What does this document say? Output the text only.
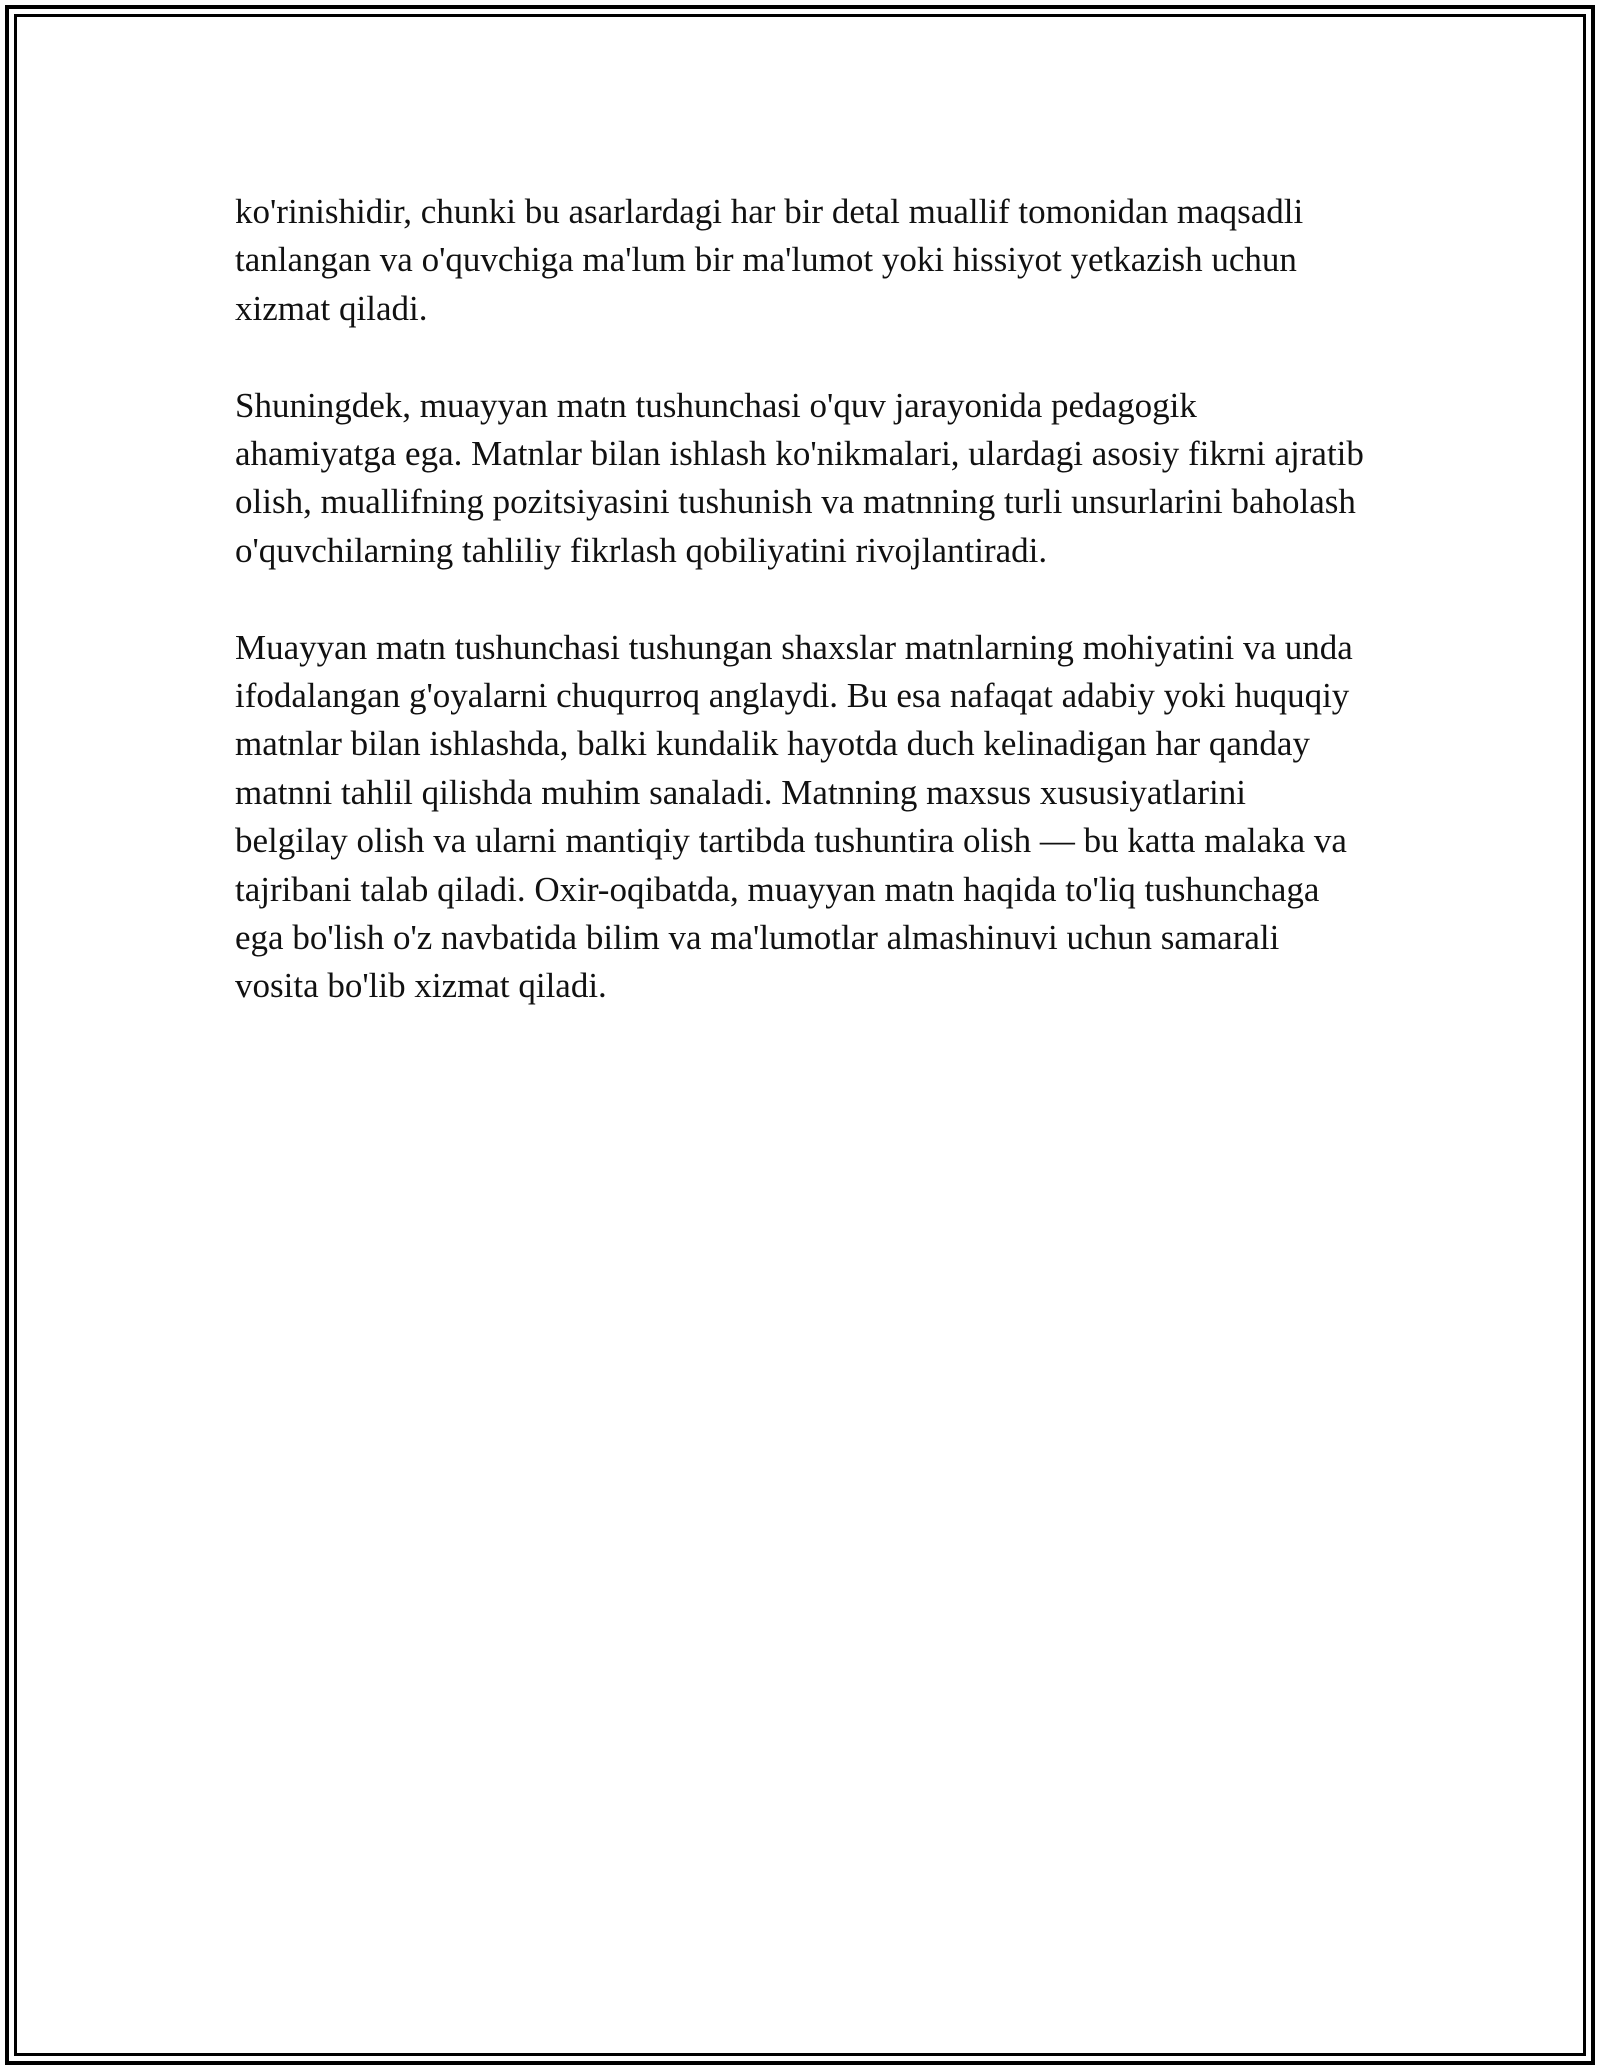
ko'rinishidir, chunki bu asarlardagi har bir detal muallif tomonidan maqsadli tanlangan va o'quvchiga ma'lum bir ma'lumot yoki hissiyot yetkazish uchun xizmat qiladi.

Shuningdek, muayyan matn tushunchasi o'quv jarayonida pedagogik ahamiyatga ega. Matnlar bilan ishlash ko'nikmalari, ulardagi asosiy fikrni ajratib olish, muallifning pozitsiyasini tushunish va matnning turli unsurlarini baholash o'quvchilarning tahliliy fikrlash qobiliyatini rivojlantiradi.

Muayyan matn tushunchasi tushungan shaxslar matnlarning mohiyatini va unda ifodalangan g'oyalarni chuqurroq anglaydi. Bu esa nafaqat adabiy yoki huquqiy matnlar bilan ishlashda, balki kundalik hayotda duch kelinadigan har qanday matnni tahlil qilishda muhim sanaladi. Matnning maxsus xususiyatlarini belgilay olish va ularni mantiqiy tartibda tushuntira olish — bu katta malaka va tajribani talab qiladi. Oxir-oqibatda, muayyan matn haqida to'liq tushunchaga ega bo'lish o'z navbatida bilim va ma'lumotlar almashinuvi uchun samarali vosita bo'lib xizmat qiladi.
